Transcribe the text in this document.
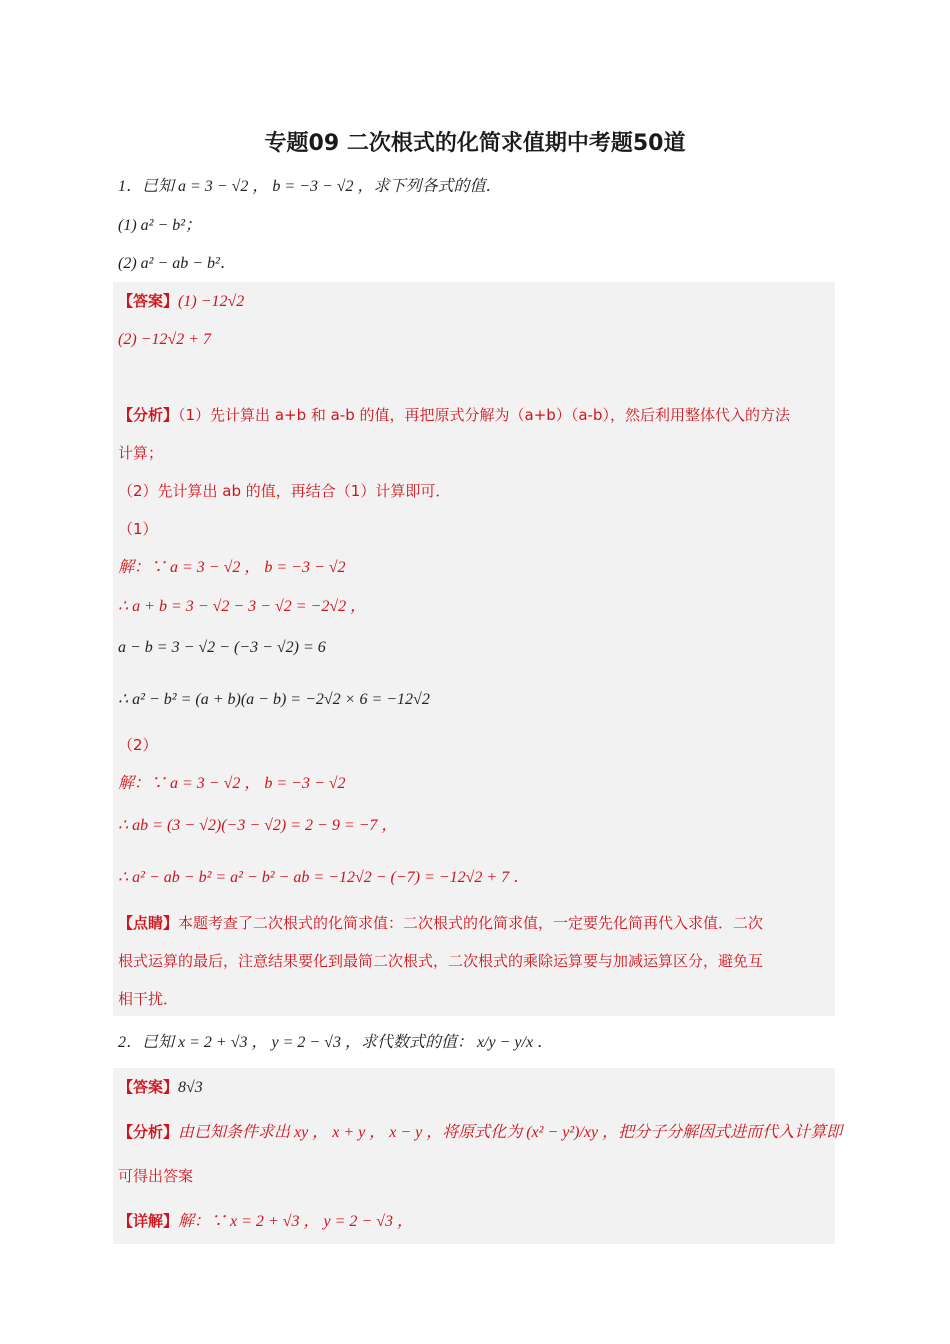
专题09 二次根式的化简求值期中考题50道
1．已知 a = 3 − √2 ， b = −3 − √2 ，求下列各式的值．
(1) a² − b²；
(2) a² − ab − b²．
【答案】(1) −12√2
(2) −12√2 + 7
【分析】（1）先计算出 a+b 和 a-b 的值，再把原式分解为（a+b）（a-b），然后利用整体代入的方法
计算；
（2）先计算出 ab 的值，再结合（1）计算即可．
（1）
解：∵ a = 3 − √2 ， b = −3 − √2
∴ a + b = 3 − √2 − 3 − √2 = −2√2 ，
a − b = 3 − √2 − (−3 − √2) = 6
∴ a² − b² = (a + b)(a − b) = −2√2 × 6 = −12√2
（2）
解：∵ a = 3 − √2 ， b = −3 − √2
∴ ab = (3 − √2)(−3 − √2) = 2 − 9 = −7 ，
∴ a² − ab − b² = a² − b² − ab = −12√2 − (−7) = −12√2 + 7 ．
【点睛】本题考查了二次根式的化简求值：二次根式的化简求值，一定要先化简再代入求值．二次
根式运算的最后，注意结果要化到最简二次根式，二次根式的乘除运算要与加减运算区分，避免互
相干扰．
2．已知 x = 2 + √3 ， y = 2 − √3 ，求代数式的值： x/y − y/x ．
【答案】8√3
【分析】由已知条件求出 xy ， x + y ， x − y ，将原式化为 (x² − y²)/xy ，把分子分解因式进而代入计算即
可得出答案
【详解】解：∵ x = 2 + √3 ， y = 2 − √3 ，
